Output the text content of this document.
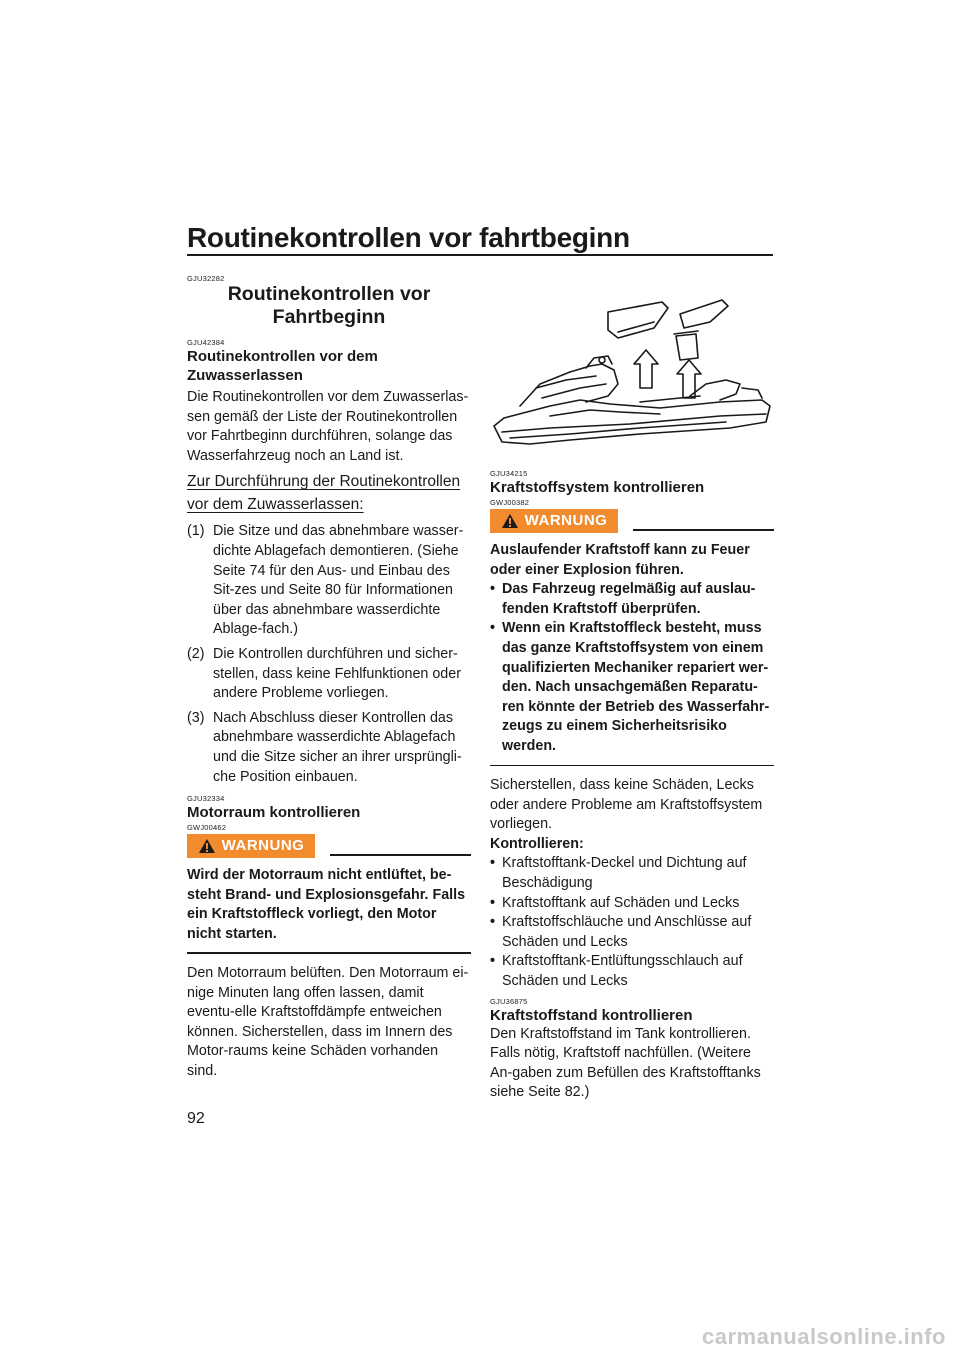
Routinekontrollen vor fahrtbeginn
GJU32282
Routinekontrollen vor
Fahrtbeginn
GJU42384
Routinekontrollen vor dem
Zuwasserlassen

Die Routinekontrollen vor dem Zuwasserlas-sen gemäß der Liste der Routinekontrollen vor Fahrtbeginn durchführen, solange das Wasserfahrzeug noch an Land ist.

Zur Durchführung der Routinekontrollen vor dem Zuwasserlassen:
(1) Die Sitze und das abnehmbare wasser-dichte Ablagefach demontieren. (Siehe Seite 74 für den Aus- und Einbau des Sit-zes und Seite 80 für Informationen über das abnehmbare wasserdichte Ablage-fach.)
(2) Die Kontrollen durchführen und sicher-stellen, dass keine Fehlfunktionen oder andere Probleme vorliegen.
(3) Nach Abschluss dieser Kontrollen das abnehmbare wasserdichte Ablagefach und die Sitze sicher an ihrer ursprüngli-che Position einbauen.
GJU32334
Motorraum kontrollieren
GWJ00462
WARNUNG

Wird der Motorraum nicht entlüftet, be-steht Brand- und Explosionsgefahr. Falls ein Kraftstoffleck vorliegt, den Motor nicht starten.

Den Motorraum belüften. Den Motorraum ei-nige Minuten lang offen lassen, damit eventu-elle Kraftstoffdämpfe entweichen können. Sicherstellen, dass im Innern des Motor-raums keine Schäden vorhanden sind.

GJU34215
Kraftstoffsystem kontrollieren
GWJ00382
WARNUNG

Auslaufender Kraftstoff kann zu Feuer oder einer Explosion führen.

• Das Fahrzeug regelmäßig auf auslau-fenden Kraftstoff überprüfen.
• Wenn ein Kraftstoffleck besteht, muss das ganze Kraftstoffsystem von einem qualifizierten Mechaniker repariert wer-den. Nach unsachgemäßen Reparatu-ren könnte der Betrieb des Wasserfahr-zeugs zu einem Sicherheitsrisiko werden.

Sicherstellen, dass keine Schäden, Lecks oder andere Probleme am Kraftstoffsystem vorliegen.

Kontrollieren:

• Kraftstofftank-Deckel und Dichtung auf Beschädigung
• Kraftstofftank auf Schäden und Lecks
• Kraftstoffschläuche und Anschlüsse auf Schäden und Lecks
• Kraftstofftank-Entlüftungsschlauch auf Schäden und Lecks
GJU36875
Kraftstoffstand kontrollieren

Den Kraftstoffstand im Tank kontrollieren. Falls nötig, Kraftstoff nachfüllen. (Weitere An-gaben zum Befüllen des Kraftstofftanks siehe Seite 82.)

92
carmanualsonline.info
